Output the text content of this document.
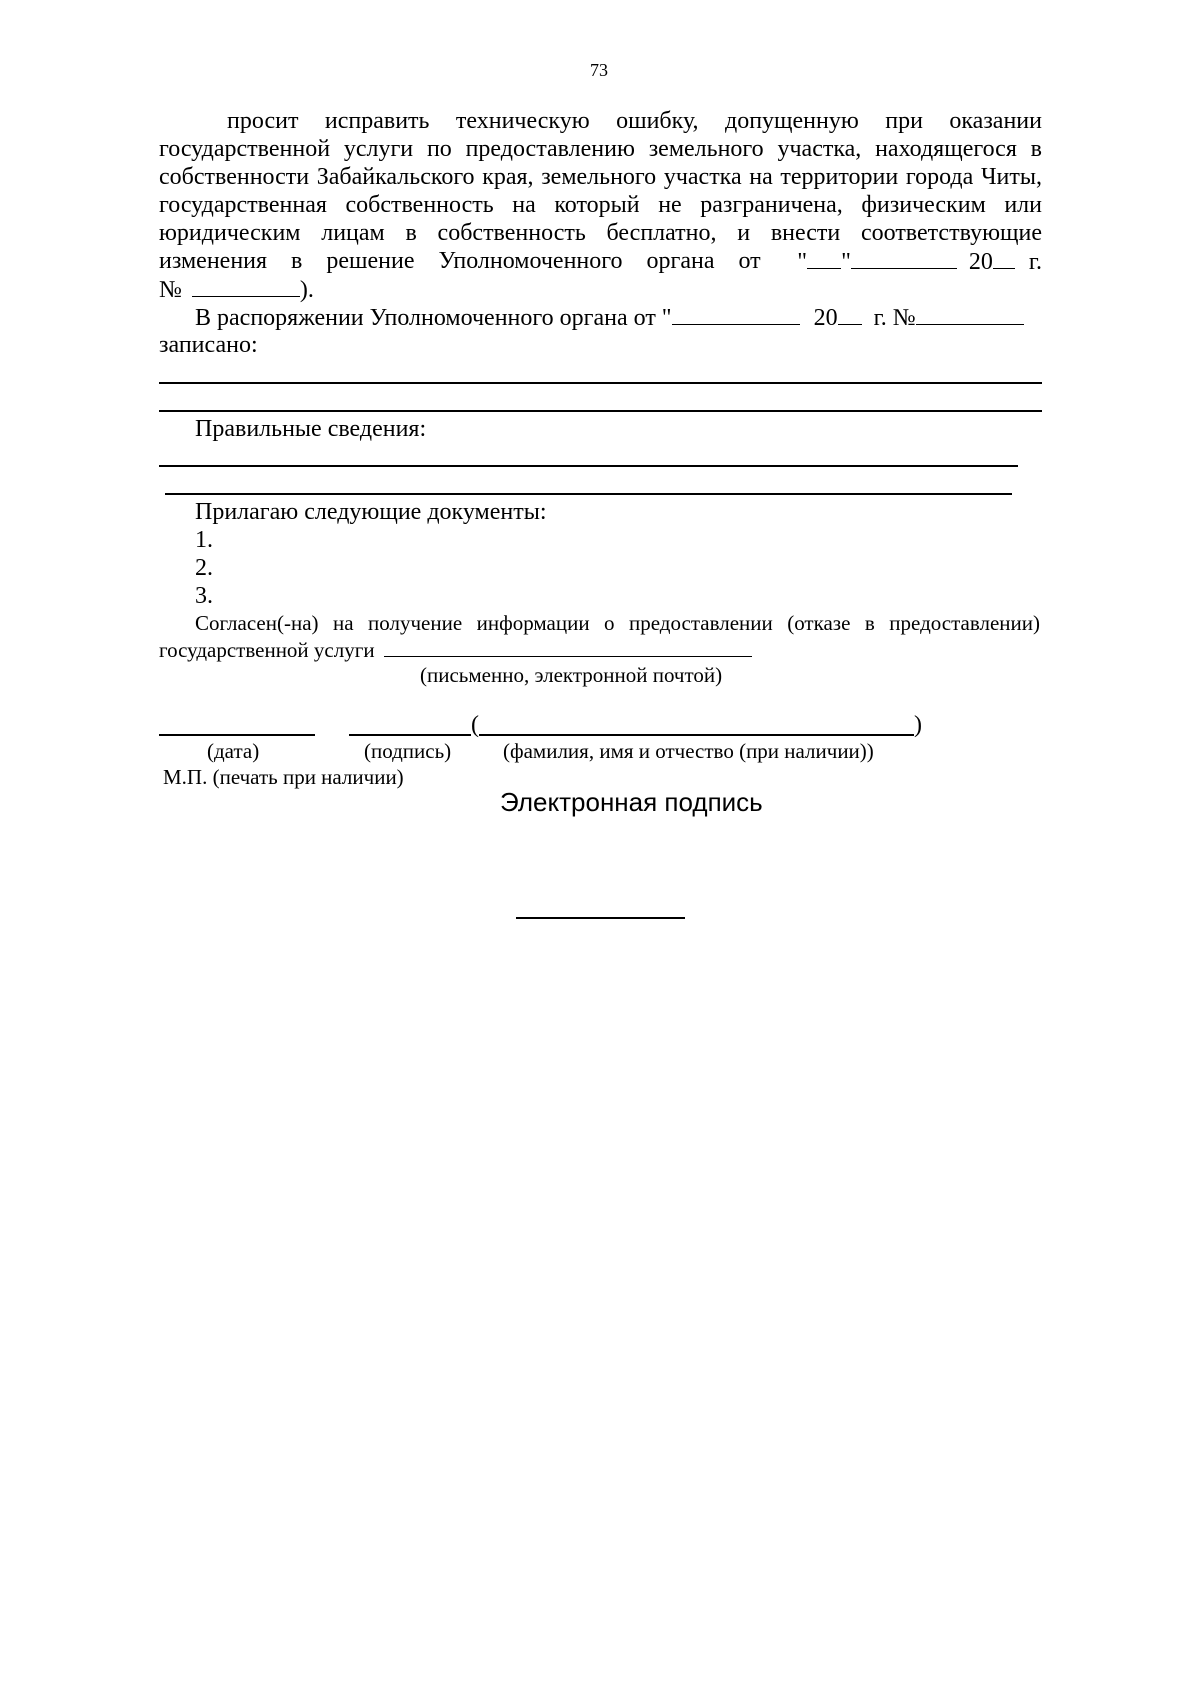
73
просит исправить техническую ошибку, допущенную при оказании
государственной услуги по предоставлению земельного участка, находящегося в
собственности Забайкальского края, земельного участка на территории города Читы,
государственная собственность на который не разграничена, физическим или
юридическим лицам в собственность бесплатно, и внести соответствующие
изменения в решение Уполномоченного органа от " "	20 г.
№	).
В распоряжении Уполномоченного органа от "	20 г. №
записано:
Правильные сведения:
Прилагаю следующие документы:
1.
2.
3.
Согласен(-на) на получение информации о предоставлении (отказе в предоставлении)
государственной услуги
(письменно, электронной почтой)
(	)
(дата)	(подпись) (фамилия, имя и отчество (при наличии))
М.П. (печать при наличии)
Электронная подпись
